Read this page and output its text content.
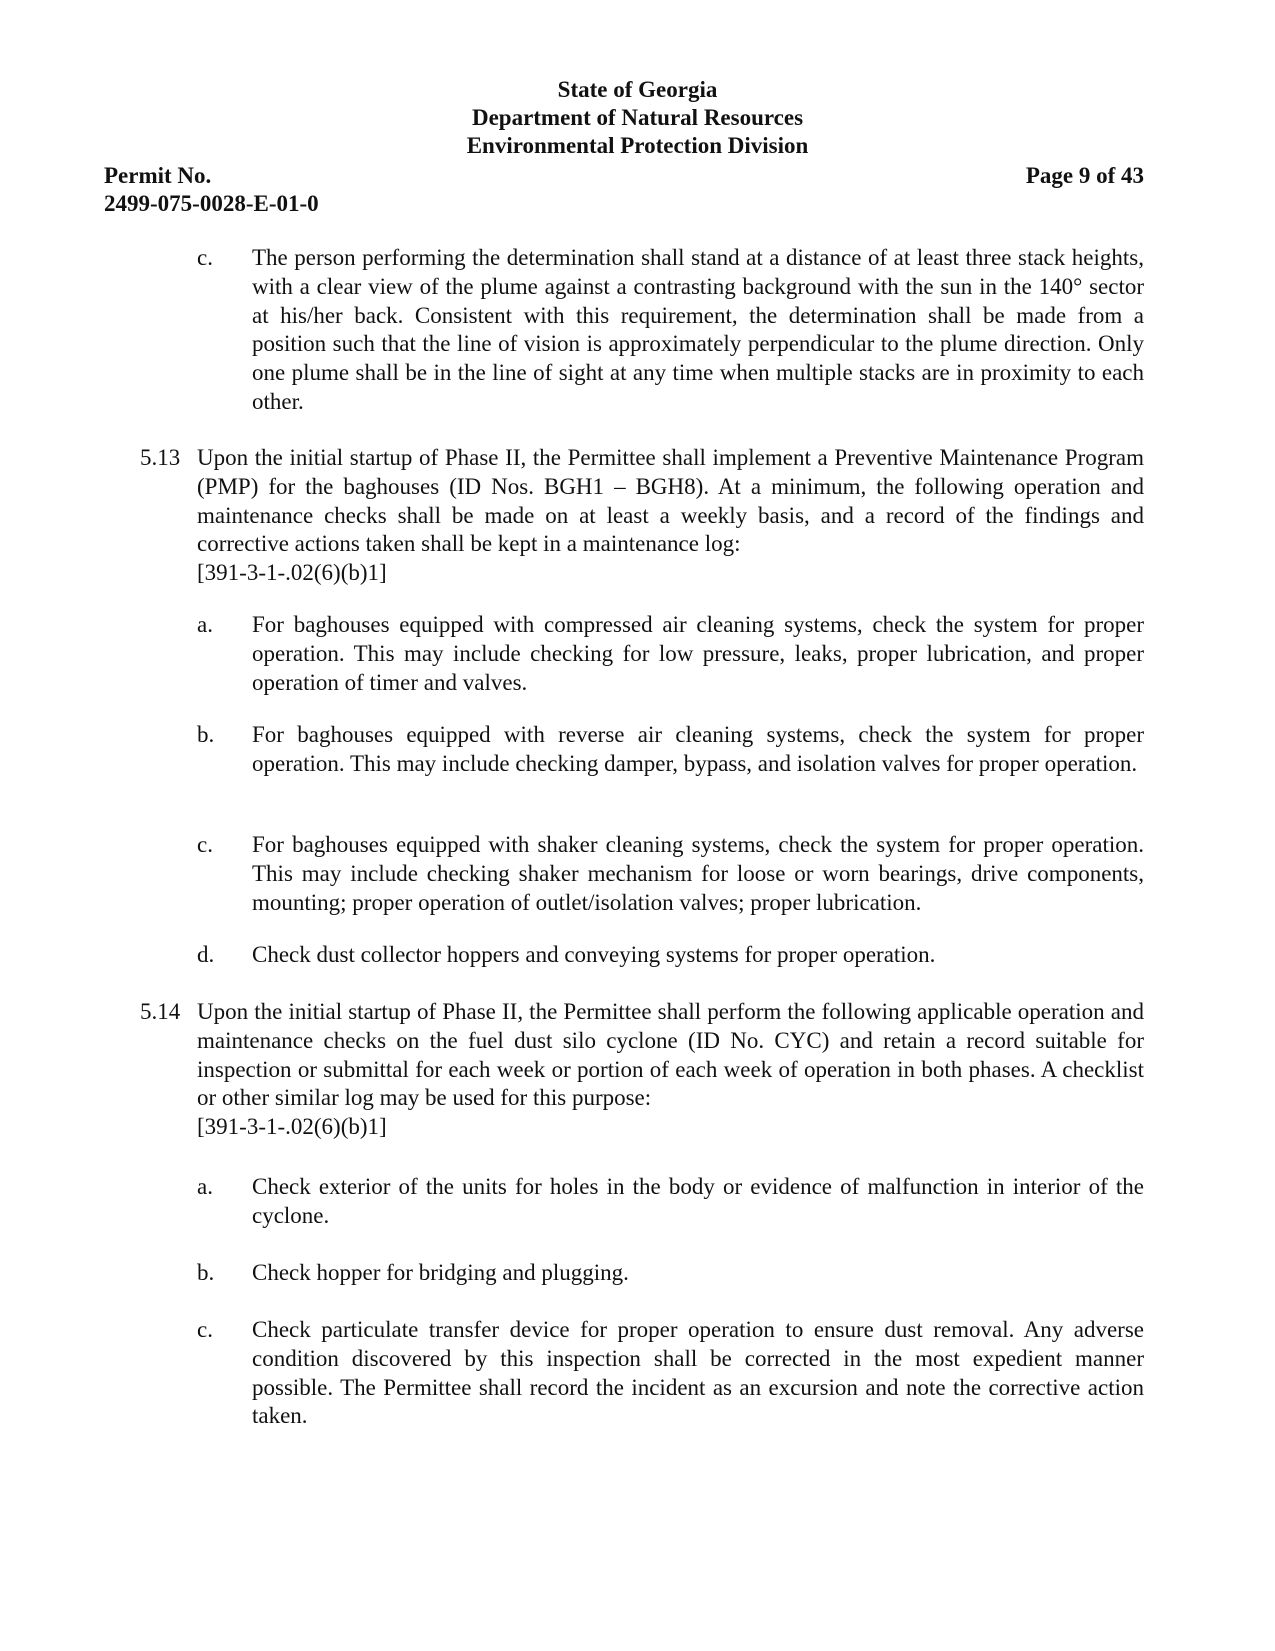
State of Georgia
Department of Natural Resources
Environmental Protection Division
Permit No.
2499-075-0028-E-01-0
Page 9 of 43
c. The person performing the determination shall stand at a distance of at least three stack heights, with a clear view of the plume against a contrasting background with the sun in the 140° sector at his/her back. Consistent with this requirement, the determination shall be made from a position such that the line of vision is approximately perpendicular to the plume direction. Only one plume shall be in the line of sight at any time when multiple stacks are in proximity to each other.
5.13 Upon the initial startup of Phase II, the Permittee shall implement a Preventive Maintenance Program (PMP) for the baghouses (ID Nos. BGH1 – BGH8). At a minimum, the following operation and maintenance checks shall be made on at least a weekly basis, and a record of the findings and corrective actions taken shall be kept in a maintenance log:
[391-3-1-.02(6)(b)1]
a. For baghouses equipped with compressed air cleaning systems, check the system for proper operation. This may include checking for low pressure, leaks, proper lubrication, and proper operation of timer and valves.
b. For baghouses equipped with reverse air cleaning systems, check the system for proper operation. This may include checking damper, bypass, and isolation valves for proper operation.
c. For baghouses equipped with shaker cleaning systems, check the system for proper operation. This may include checking shaker mechanism for loose or worn bearings, drive components, mounting; proper operation of outlet/isolation valves; proper lubrication.
d. Check dust collector hoppers and conveying systems for proper operation.
5.14 Upon the initial startup of Phase II, the Permittee shall perform the following applicable operation and maintenance checks on the fuel dust silo cyclone (ID No. CYC) and retain a record suitable for inspection or submittal for each week or portion of each week of operation in both phases. A checklist or other similar log may be used for this purpose:
[391-3-1-.02(6)(b)1]
a. Check exterior of the units for holes in the body or evidence of malfunction in interior of the cyclone.
b. Check hopper for bridging and plugging.
c. Check particulate transfer device for proper operation to ensure dust removal. Any adverse condition discovered by this inspection shall be corrected in the most expedient manner possible. The Permittee shall record the incident as an excursion and note the corrective action taken.
